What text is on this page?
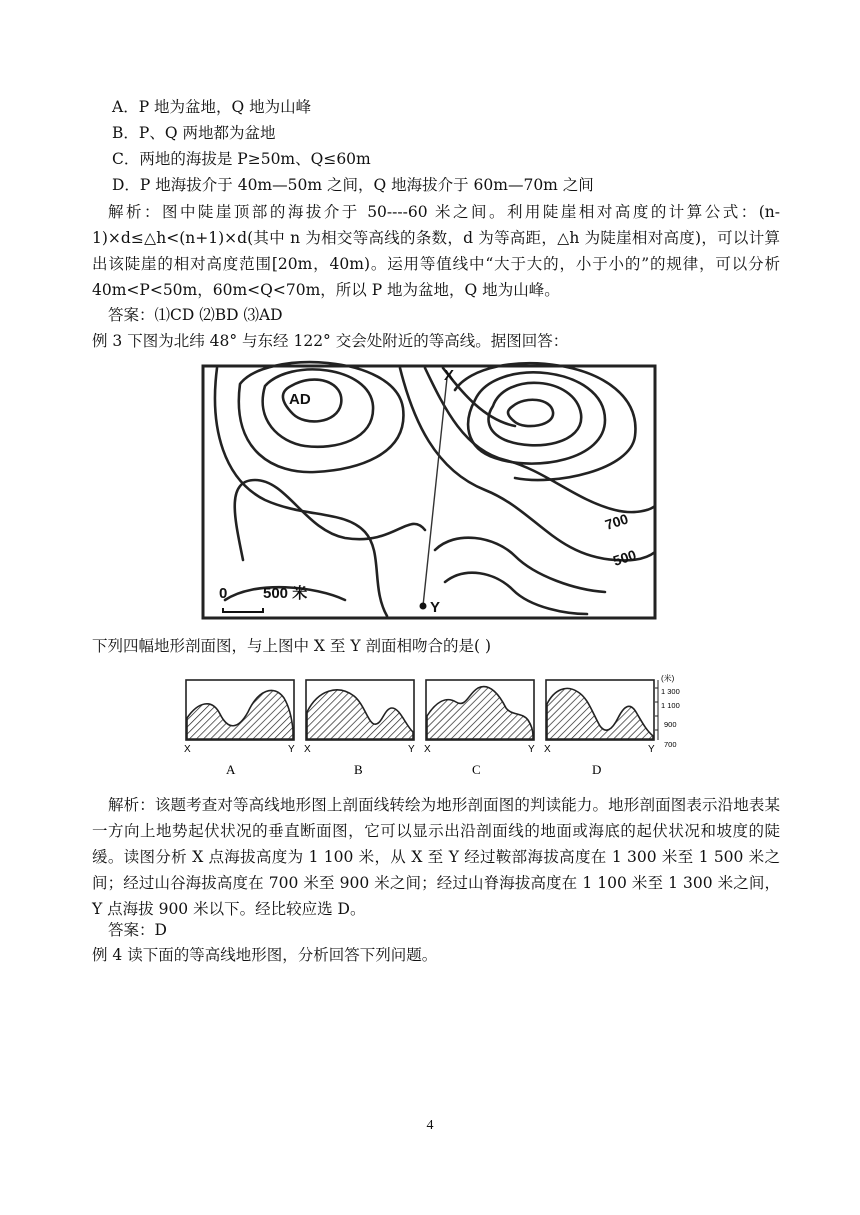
A．P 地为盆地，Q 地为山峰
B．P、Q 两地都为盆地
C．两地的海拔是 P≥50m、Q≤60m
D．P 地海拔介于 40m—50m 之间，Q 地海拔介于 60m—70m 之间
解析：图中陡崖顶部的海拔介于 50----60 米之间。利用陡崖相对高度的计算公式：(n-1)×d≤△h<(n+1)×d(其中 n 为相交等高线的条数，d 为等高距，△h 为陡崖相对高度)，可以计算出该陡崖的相对高度范围[20m，40m)。运用等值线中“大于大的，小于小的”的规律，可以分析 40m<P<50m，60m<Q<70m，所以 P 地为盆地，Q 地为山峰。
答案：⑴CD ⑵BD ⑶AD
例 3 下图为北纬 48° 与东经 122° 交会处附近的等高线。据图回答：
X
Y
AD
700
500
0 500 米
下列四幅地形剖面图，与上图中 X 至 Y 剖面相吻合的是( )
X	Y
A
X	Y
B
X	Y
C
X	Y
D
(米)
1 300
1 100
900
700
解析：该题考查对等高线地形图上剖面线转绘为地形剖面图的判读能力。地形剖面图表示沿地表某一方向上地势起伏状况的垂直断面图，它可以显示出沿剖面线的地面或海底的起伏状况和坡度的陡缓。读图分析 X 点海拔高度为 1 100 米，从 X 至 Y 经过鞍部海拔高度在 1 300 米至 1 500 米之间；经过山谷海拔高度在 700 米至 900 米之间；经过山脊海拔高度在 1 100 米至 1 300 米之间，Y 点海拔 900 米以下。经比较应选 D。
答案：D
例 4 读下面的等高线地形图，分析回答下列问题。
4
